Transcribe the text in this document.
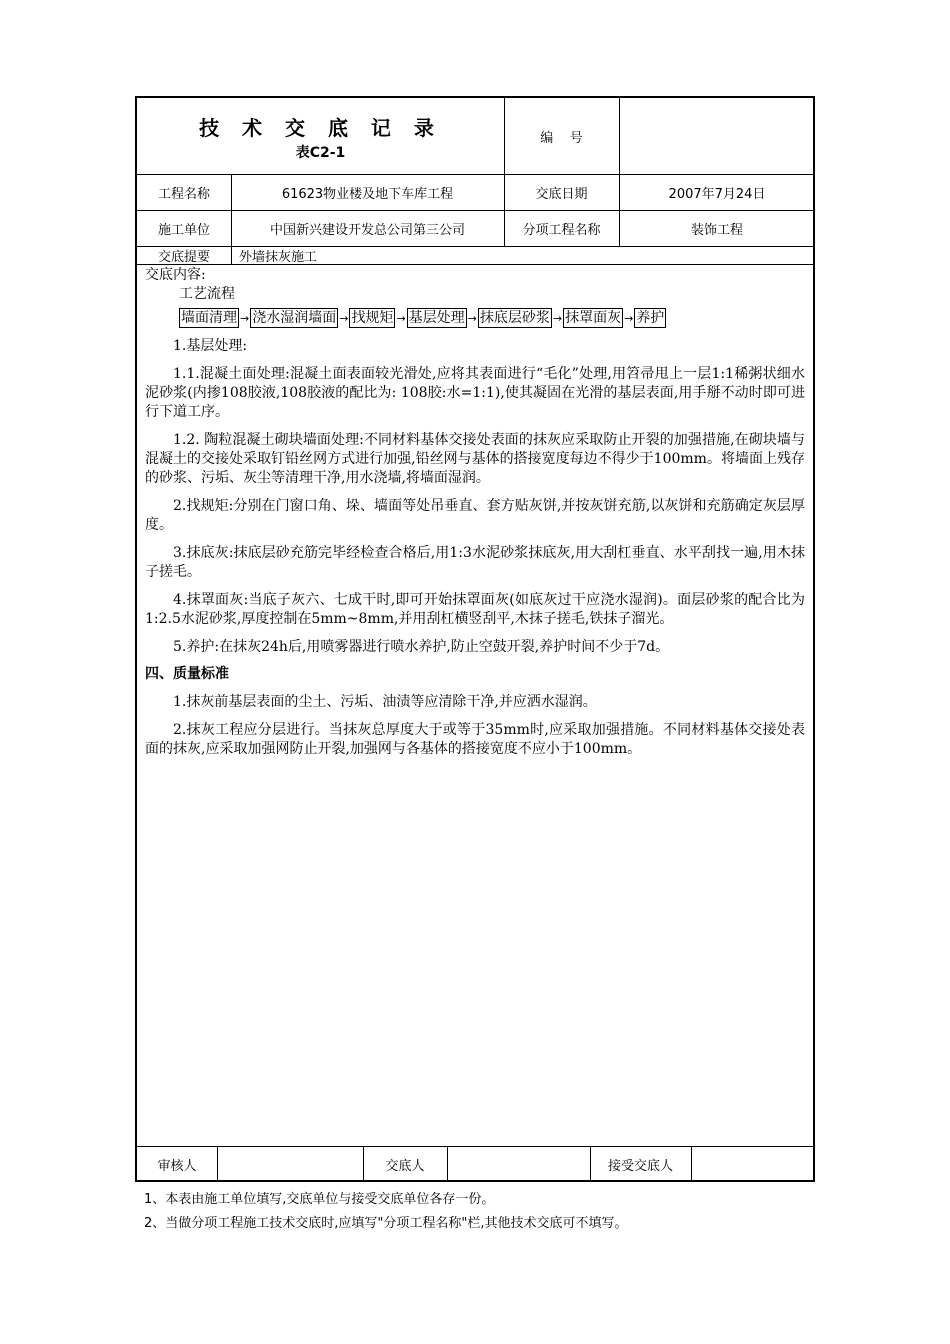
技 术 交 底 记 录
表C2-1
编    号
工程名称	61623物业楼及地下车库工程	交底日期	2007年7月24日
施工单位	中国新兴建设开发总公司第三公司	分项工程名称	装饰工程
交底提要	外墙抹灰施工

交底内容:

工艺流程

墙面清理 → 浇水湿润墙面 → 找规矩 → 基层处理 → 抹底层砂浆 → 抹罩面灰 → 养护

1.基层处理:

1.1.混凝土面处理:混凝土面表面较光滑处,应将其表面进行“毛化”处理,用笤帚甩上一层1:1稀粥状细水泥砂浆(内掺108胶液,108胶液的配比为: 108胶:水=1:1),使其凝固在光滑的基层表面,用手掰不动时即可进行下道工序。

1.2. 陶粒混凝土砌块墙面处理:不同材料基体交接处表面的抹灰应采取防止开裂的加强措施,在砌块墙与混凝土的交接处采取钉铅丝网方式进行加强,铅丝网与基体的搭接宽度每边不得少于100mm。将墙面上残存的砂浆、污垢、灰尘等清理干净,用水浇墙,将墙面湿润。

2.找规矩:分别在门窗口角、垛、墙面等处吊垂直、套方贴灰饼,并按灰饼充筋,以灰饼和充筋确定灰层厚度。

3.抹底灰:抹底层砂充筋完毕经检查合格后,用1:3水泥砂浆抹底灰,用大刮杠垂直、水平刮找一遍,用木抹子搓毛。

4.抹罩面灰:当底子灰六、七成干时,即可开始抹罩面灰(如底灰过干应浇水湿润)。面层砂浆的配合比为1:2.5水泥砂浆,厚度控制在5mm~8mm,并用刮杠横竖刮平,木抹子搓毛,铁抹子溜光。

5.养护:在抹灰24h后,用喷雾器进行喷水养护,防止空鼓开裂,养护时间不少于7d。

四、质量标准

1.抹灰前基层表面的尘土、污垢、油渍等应清除干净,并应洒水湿润。

2.抹灰工程应分层进行。当抹灰总厚度大于或等于35mm时,应采取加强措施。不同材料基体交接处表面的抹灰,应采取加强网防止开裂,加强网与各基体的搭接宽度不应小于100mm。

审核人	交底人	接受交底人
1、本表由施工单位填写,交底单位与接受交底单位各存一份。
2、当做分项工程施工技术交底时,应填写"分项工程名称"栏,其他技术交底可不填写。
